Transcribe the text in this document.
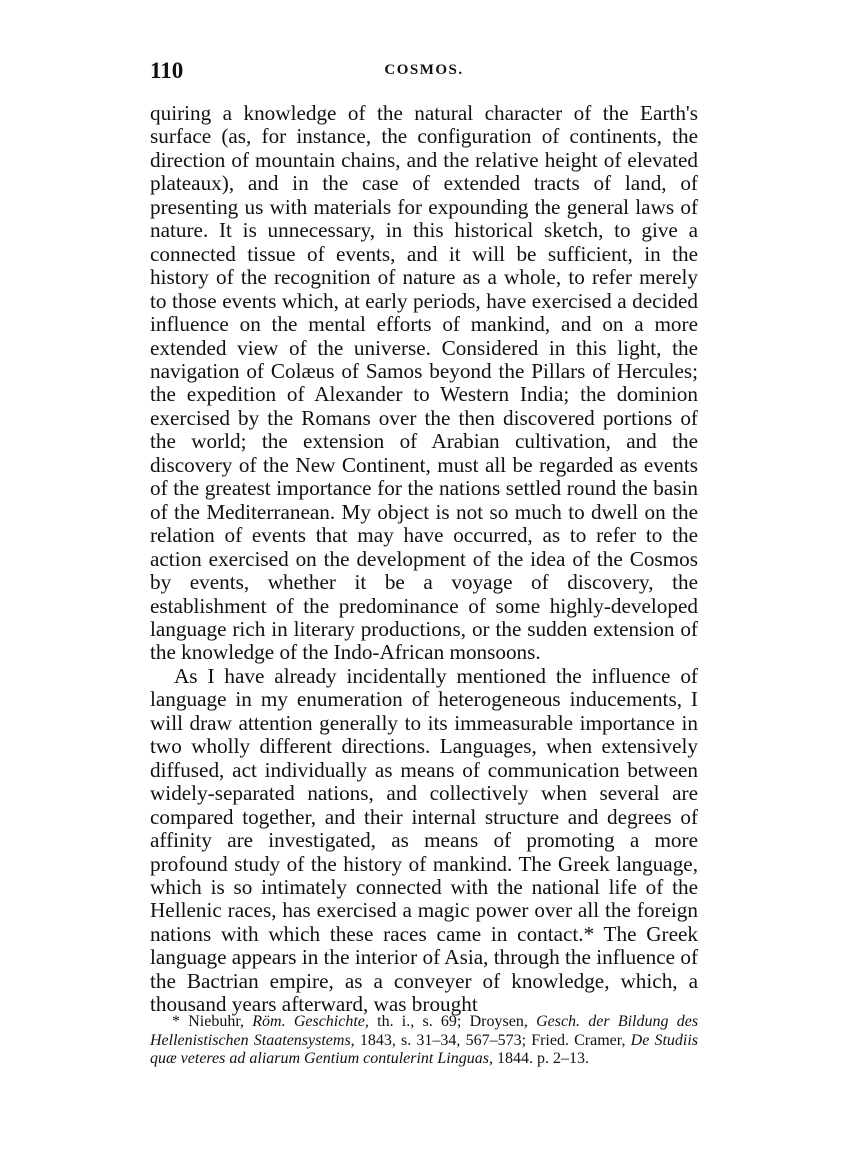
110	COSMOS.

quiring a knowledge of the natural character of the Earth's surface (as, for instance, the configuration of continents, the direction of mountain chains, and the relative height of elevated plateaux), and in the case of extended tracts of land, of presenting us with materials for expounding the general laws of nature. It is unnecessary, in this historical sketch, to give a connected tissue of events, and it will be sufficient, in the history of the recognition of nature as a whole, to refer merely to those events which, at early periods, have exercised a decided influence on the mental efforts of mankind, and on a more extended view of the universe. Considered in this light, the navigation of Colæus of Samos beyond the Pillars of Hercules; the expedition of Alexander to Western India; the dominion exercised by the Romans over the then discovered portions of the world; the extension of Arabian cultivation, and the discovery of the New Continent, must all be regarded as events of the greatest importance for the nations settled round the basin of the Mediterranean. My object is not so much to dwell on the relation of events that may have occurred, as to refer to the action exercised on the development of the idea of the Cosmos by events, whether it be a voyage of discovery, the establishment of the predominance of some highly-developed language rich in literary productions, or the sudden extension of the knowledge of the Indo-African monsoons.

As I have already incidentally mentioned the influence of language in my enumeration of heterogeneous inducements, I will draw attention generally to its immeasurable importance in two wholly different directions. Languages, when extensively diffused, act individually as means of communication between widely-separated nations, and collectively when several are compared together, and their internal structure and degrees of affinity are investigated, as means of promoting a more profound study of the history of mankind. The Greek language, which is so intimately connected with the national life of the Hellenic races, has exercised a magic power over all the foreign nations with which these races came in contact.* The Greek language appears in the interior of Asia, through the influence of the Bactrian empire, as a conveyer of knowledge, which, a thousand years afterward, was brought

* Niebuhr, Röm. Geschichte, th. i., s. 69; Droysen, Gesch. der Bildung des Hellenistischen Staatensystems, 1843, s. 31–34, 567–573; Fried. Cramer, De Studiis quæ veteres ad aliarum Gentium contulerint Linguas, 1844. p. 2–13.
